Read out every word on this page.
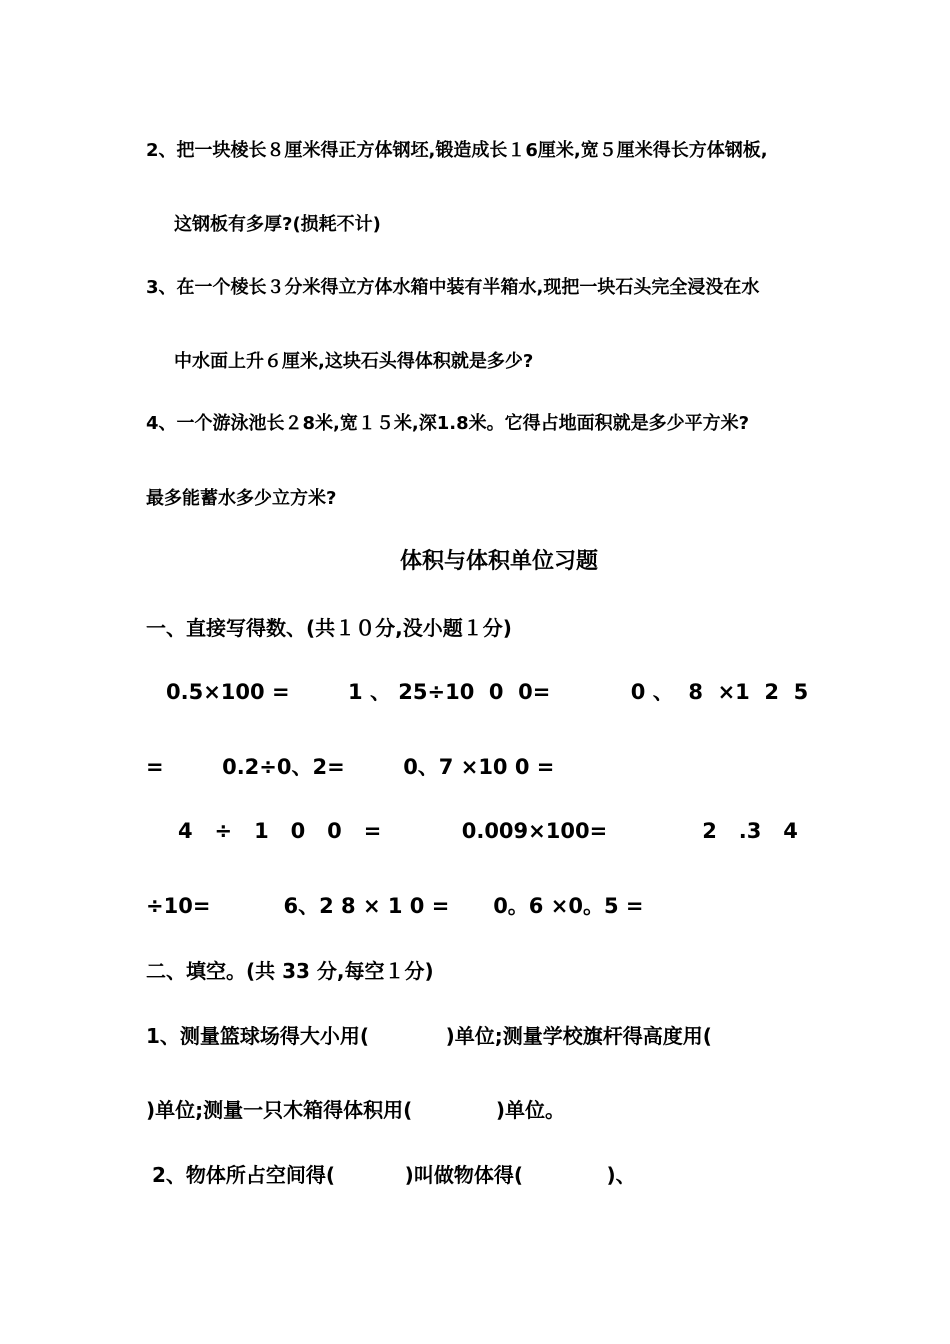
2、把一块棱长８厘米得正方体钢坯,锻造成长１6厘米,宽５厘米得长方体钢板,
这钢板有多厚?(损耗不计)
3、在一个棱长３分米得立方体水箱中装有半箱水,现把一块石头完全浸没在水
中水面上升６厘米,这块石头得体积就是多少?
4、一个游泳池长２8米,宽１５米,深1.8米。它得占地面积就是多少平方米?
最多能蓄水多少立方米?
体积与体积单位习题
一、直接写得数、(共１０分,没小题１分)
0.5×100 =        1 、 25÷10  0  0=           0 、  8  ×1  2  5
=        0.2÷0、2=        0、7 ×10 0 =
4   ÷   1   0   0   =           0.009×100=             2   .3   4
÷10=          6、2 8 × 1 0 =      0。6 ×0。5 =
二、填空。(共 33 分,每空１分)
1、测量篮球场得大小用(           )单位;测量学校旗杆得高度用(
)单位;测量一只木箱得体积用(            )单位。
2、物体所占空间得(          )叫做物体得(            )、
